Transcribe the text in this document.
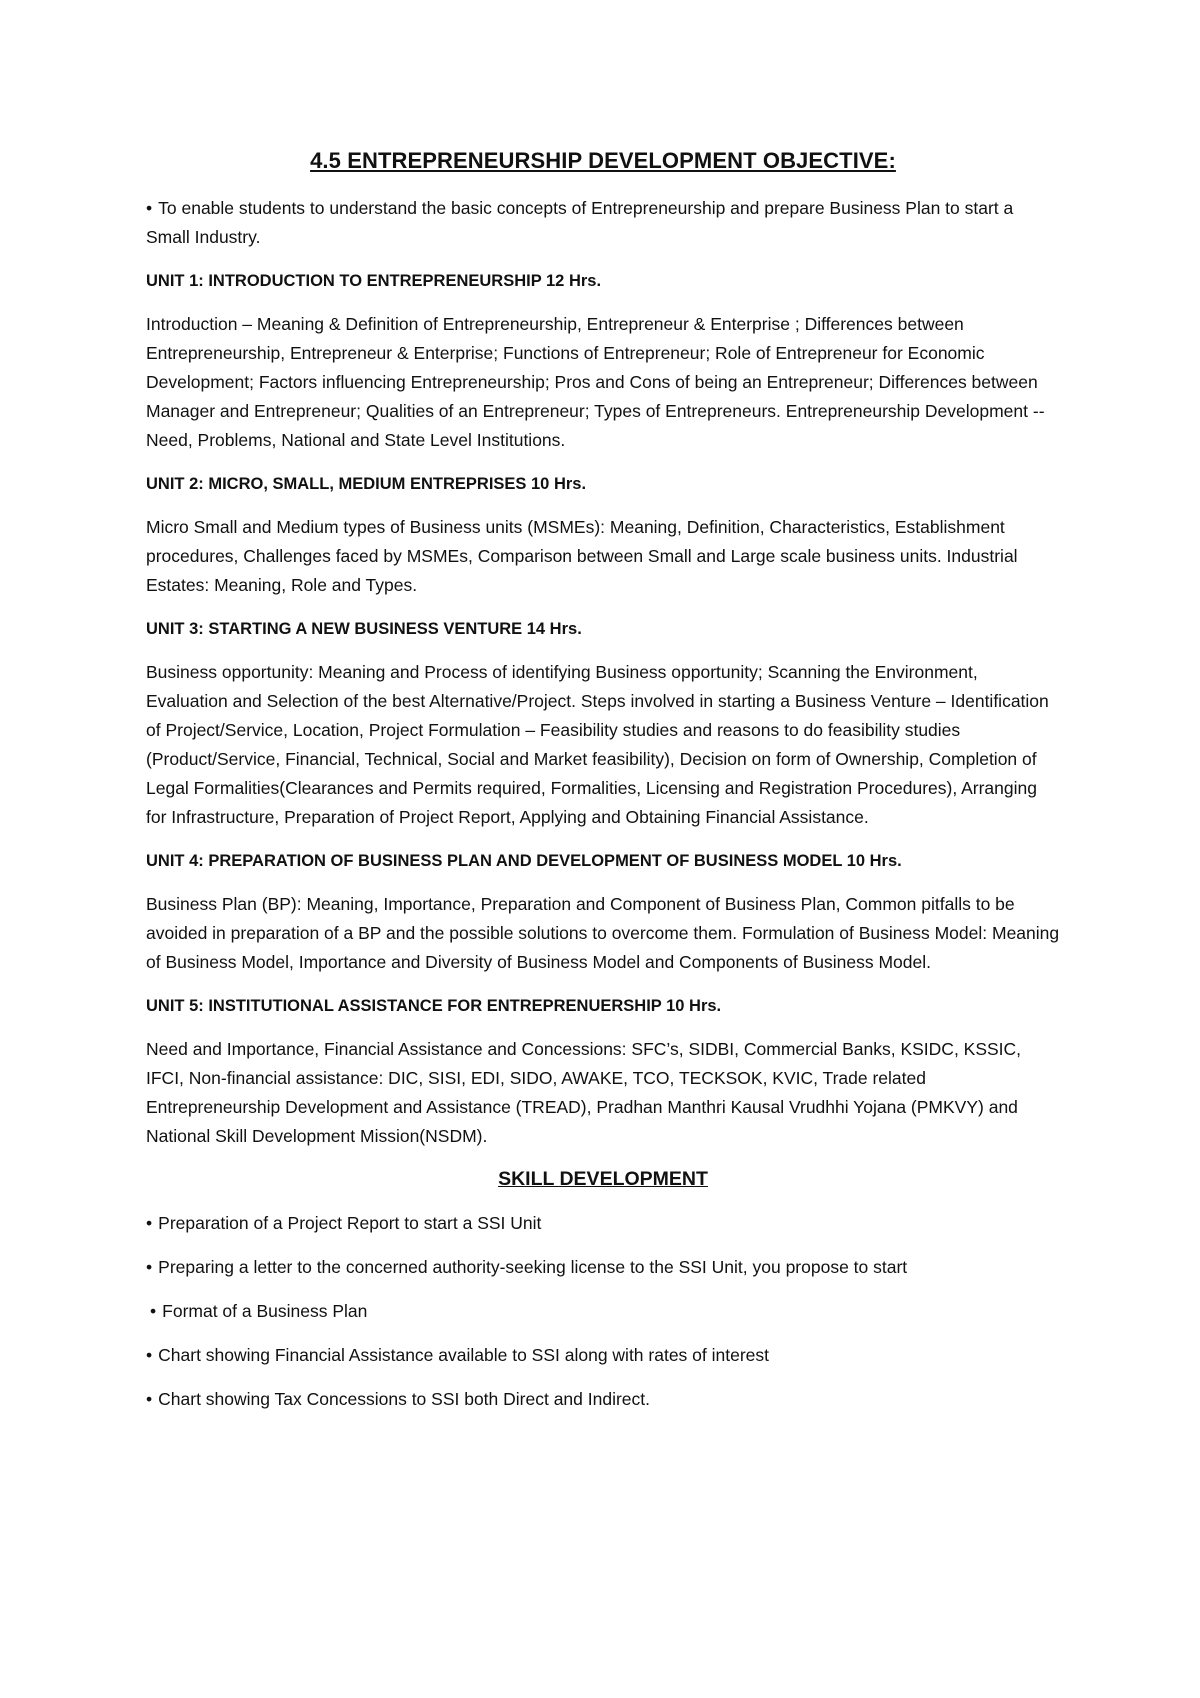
4.5 ENTREPRENEURSHIP DEVELOPMENT OBJECTIVE:

• To enable students to understand the basic concepts of Entrepreneurship and prepare Business Plan to start a Small Industry.

UNIT 1: INTRODUCTION TO ENTREPRENEURSHIP 12 Hrs.

Introduction – Meaning & Definition of Entrepreneurship, Entrepreneur & Enterprise ; Differences between Entrepreneurship, Entrepreneur & Enterprise; Functions of Entrepreneur; Role of Entrepreneur for Economic Development; Factors influencing Entrepreneurship; Pros and Cons of being an Entrepreneur; Differences between Manager and Entrepreneur; Qualities of an Entrepreneur; Types of Entrepreneurs. Entrepreneurship Development -- Need, Problems, National and State Level Institutions.

UNIT 2: MICRO, SMALL, MEDIUM ENTREPRISES 10 Hrs.

Micro Small and Medium types of Business units (MSMEs): Meaning, Definition, Characteristics, Establishment procedures, Challenges faced by MSMEs, Comparison between Small and Large scale business units. Industrial Estates: Meaning, Role and Types.

UNIT 3: STARTING A NEW BUSINESS VENTURE 14 Hrs.

Business opportunity: Meaning and Process of identifying Business opportunity; Scanning the Environment, Evaluation and Selection of the best Alternative/Project. Steps involved in starting a Business Venture – Identification of Project/Service, Location, Project Formulation – Feasibility studies and reasons to do feasibility studies (Product/Service, Financial, Technical, Social and Market feasibility), Decision on form of Ownership, Completion of Legal Formalities(Clearances and Permits required, Formalities, Licensing and Registration Procedures), Arranging for Infrastructure, Preparation of Project Report, Applying and Obtaining Financial Assistance.

UNIT 4: PREPARATION OF BUSINESS PLAN AND DEVELOPMENT OF BUSINESS MODEL 10 Hrs.

Business Plan (BP): Meaning, Importance, Preparation and Component of Business Plan, Common pitfalls to be avoided in preparation of a BP and the possible solutions to overcome them. Formulation of Business Model: Meaning of Business Model, Importance and Diversity of Business Model and Components of Business Model.

UNIT 5: INSTITUTIONAL ASSISTANCE FOR ENTREPRENUERSHIP 10 Hrs.

Need and Importance, Financial Assistance and Concessions: SFC’s, SIDBI, Commercial Banks, KSIDC, KSSIC, IFCI, Non-financial assistance: DIC, SISI, EDI, SIDO, AWAKE, TCO, TECKSOK, KVIC, Trade related Entrepreneurship Development and Assistance (TREAD), Pradhan Manthri Kausal Vrudhhi Yojana (PMKVY) and National Skill Development Mission(NSDM).

SKILL DEVELOPMENT
• Preparation of a Project Report to start a SSI Unit
• Preparing a letter to the concerned authority-seeking license to the SSI Unit, you propose to start
• Format of a Business Plan
• Chart showing Financial Assistance available to SSI along with rates of interest
• Chart showing Tax Concessions to SSI both Direct and Indirect.
